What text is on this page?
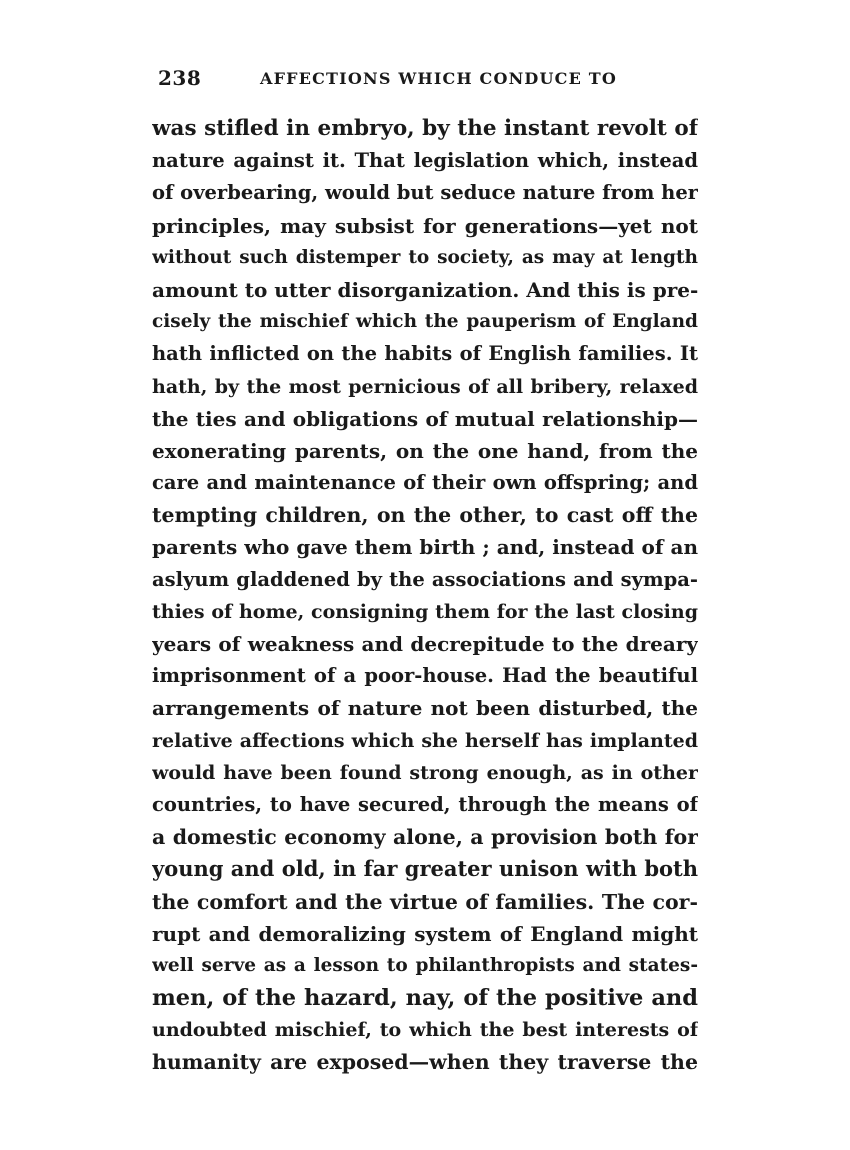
238	AFFECTIONS WHICH CONDUCE TO
was stifled in embryo, by the instant revolt of
nature against it. That legislation which, instead
of overbearing, would but seduce nature from her
principles, may subsist for generations—yet not
without such distemper to society, as may at length
amount to utter disorganization. And this is pre-
cisely the mischief which the pauperism of England
hath inflicted on the habits of English families. It
hath, by the most pernicious of all bribery, relaxed
the ties and obligations of mutual relationship—
exonerating parents, on the one hand, from the
care and maintenance of their own offspring; and
tempting children, on the other, to cast off the
parents who gave them birth ; and, instead of an
aslyum gladdened by the associations and sympa-
thies of home, consigning them for the last closing
years of weakness and decrepitude to the dreary
imprisonment of a poor-house. Had the beautiful
arrangements of nature not been disturbed, the
relative affections which she herself has implanted
would have been found strong enough, as in other
countries, to have secured, through the means of
a domestic economy alone, a provision both for
young and old, in far greater unison with both
the comfort and the virtue of families. The cor-
rupt and demoralizing system of England might
well serve as a lesson to philanthropists and states-
men, of the hazard, nay, of the positive and
undoubted mischief, to which the best interests of
humanity are exposed—when they traverse the
